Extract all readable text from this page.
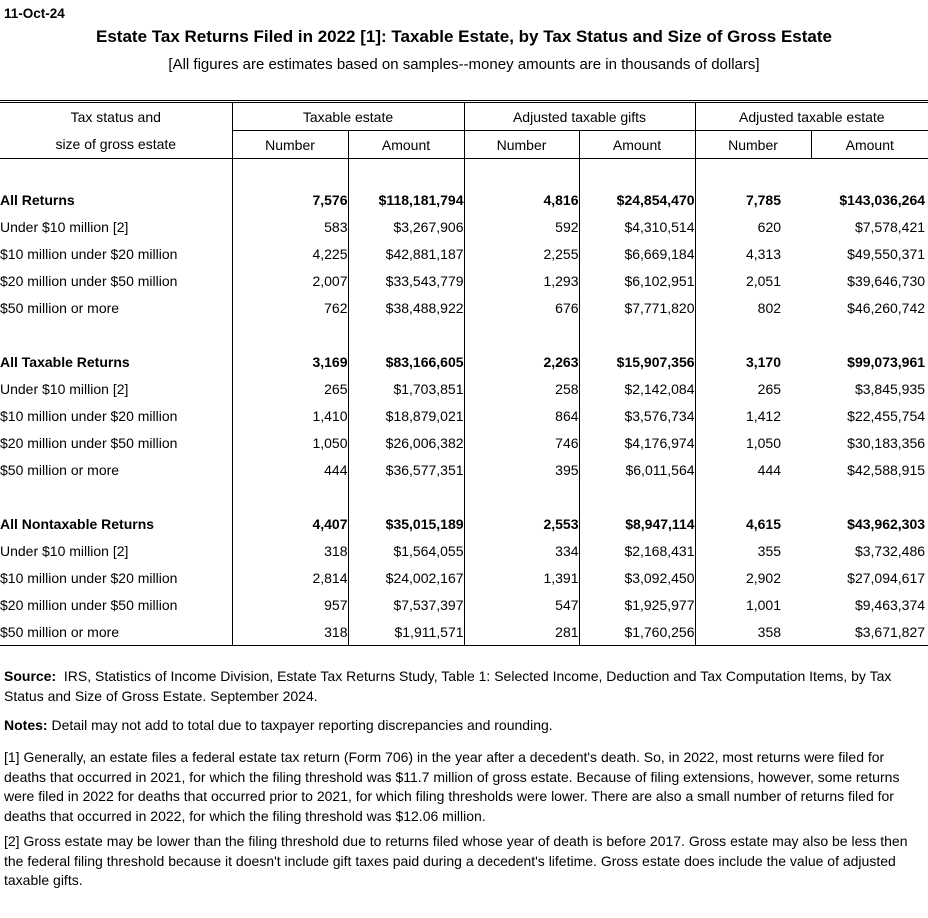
11-Oct-24
Estate Tax Returns Filed in 2022 [1]: Taxable Estate, by Tax Status and Size of Gross Estate
[All figures are estimates based on samples--money amounts are in thousands of dollars]
Tax status and	Taxable estate		Adjusted taxable gifts		Adjusted taxable estate	
size of gross estate	Number	Amount	Number	Amount	Number	Amount

All Returns	7,576	$118,181,794	4,816	$24,854,470	7,785	$143,036,264
Under $10 million [2]	583	$3,267,906	592	$4,310,514	620	$7,578,421
$10 million under $20 million	4,225	$42,881,187	2,255	$6,669,184	4,313	$49,550,371
$20 million under $50 million	2,007	$33,543,779	1,293	$6,102,951	2,051	$39,646,730
$50 million or more	762	$38,488,922	676	$7,771,820	802	$46,260,742

All Taxable Returns	3,169	$83,166,605	2,263	$15,907,356	3,170	$99,073,961
Under $10 million [2]	265	$1,703,851	258	$2,142,084	265	$3,845,935
$10 million under $20 million	1,410	$18,879,021	864	$3,576,734	1,412	$22,455,754
$20 million under $50 million	1,050	$26,006,382	746	$4,176,974	1,050	$30,183,356
$50 million or more	444	$36,577,351	395	$6,011,564	444	$42,588,915

All Nontaxable Returns	4,407	$35,015,189	2,553	$8,947,114	4,615	$43,962,303
Under $10 million [2]	318	$1,564,055	334	$2,168,431	355	$3,732,486
$10 million under $20 million	2,814	$24,002,167	1,391	$3,092,450	2,902	$27,094,617
$20 million under $50 million	957	$7,537,397	547	$1,925,977	1,001	$9,463,374
$50 million or more	318	$1,911,571	281	$1,760,256	358	$3,671,827
Source: IRS, Statistics of Income Division, Estate Tax Returns Study, Table 1: Selected Income, Deduction and Tax Computation Items, by Tax Status and Size of Gross Estate. September 2024.
Notes: Detail may not add to total due to taxpayer reporting discrepancies and rounding.
[1] Generally, an estate files a federal estate tax return (Form 706) in the year after a decedent's death. So, in 2022, most returns were filed for deaths that occurred in 2021, for which the filing threshold was $11.7 million of gross estate. Because of filing extensions, however, some returns were filed in 2022 for deaths that occurred prior to 2021, for which filing thresholds were lower. There are also a small number of returns filed for deaths that occurred in 2022, for which the filing threshold was $12.06 million.
[2] Gross estate may be lower than the filing threshold due to returns filed whose year of death is before 2017. Gross estate may also be less then the federal filing threshold because it doesn't include gift taxes paid during a decedent's lifetime. Gross estate does include the value of adjusted taxable gifts.
